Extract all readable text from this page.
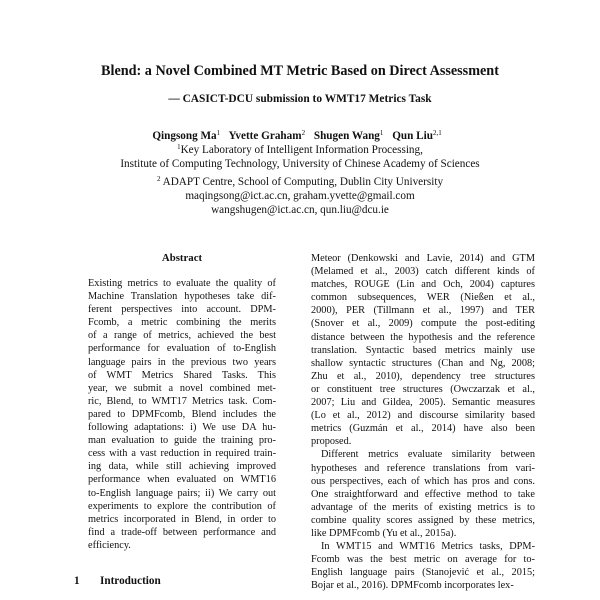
Blend: a Novel Combined MT Metric Based on Direct Assessment
— CASICT-DCU submission to WMT17 Metrics Task
Qingsong Ma$^1$ Yvette Graham$^2$ Shugen Wang$^1$ Qun Liu$^{2,1}$
$^1$Key Laboratory of Intelligent Information Processing,
Institute of Computing Technology, University of Chinese Academy of Sciences
$^2$ ADAPT Centre, School of Computing, Dublin City University
maqingsong@ict.ac.cn, graham.yvette@gmail.com
wangshugen@ict.ac.cn, qun.liu@dcu.ie
Abstract
Existing metrics to evaluate the quality of
Machine Translation hypotheses take dif-
ferent perspectives into account. DPM-
Fcomb, a metric combining the merits
of a range of metrics, achieved the best
performance for evaluation of to-English
language pairs in the previous two years
of WMT Metrics Shared Tasks. This
year, we submit a novel combined met-
ric, Blend, to WMT17 Metrics task. Com-
pared to DPMFcomb, Blend includes the
following adaptations: i) We use DA hu-
man evaluation to guide the training pro-
cess with a vast reduction in required train-
ing data, while still achieving improved
performance when evaluated on WMT16
to-English language pairs; ii) We carry out
experiments to explore the contribution of
metrics incorporated in Blend, in order to
find a trade-off between performance and
efficiency.
Meteor (Denkowski and Lavie, 2014) and GTM
(Melamed et al., 2003) catch different kinds of
matches, ROUGE (Lin and Och, 2004) captures
common subsequences, WER (Nießen et al.,
2000), PER (Tillmann et al., 1997) and TER
(Snover et al., 2009) compute the post-editing
distance between the hypothesis and the reference
translation. Syntactic based metrics mainly use
shallow syntactic structures (Chan and Ng, 2008;
Zhu et al., 2010), dependency tree structures
or constituent tree structures (Owczarzak et al.,
2007; Liu and Gildea, 2005). Semantic measures
(Lo et al., 2012) and discourse similarity based
metrics (Guzmán et al., 2014) have also been
proposed.
Different metrics evaluate similarity between
hypotheses and reference translations from vari-
ous perspectives, each of which has pros and cons.
One straightforward and effective method to take
advantage of the merits of existing metrics is to
combine quality scores assigned by these metrics,
like DPMFcomb (Yu et al., 2015a).
In WMT15 and WMT16 Metrics tasks, DPM-
Fcomb was the best metric on average for to-
English language pairs (Stanojević et al., 2015;
Bojar et al., 2016). DPMFcomb incorporates lex-
1 Introduction
